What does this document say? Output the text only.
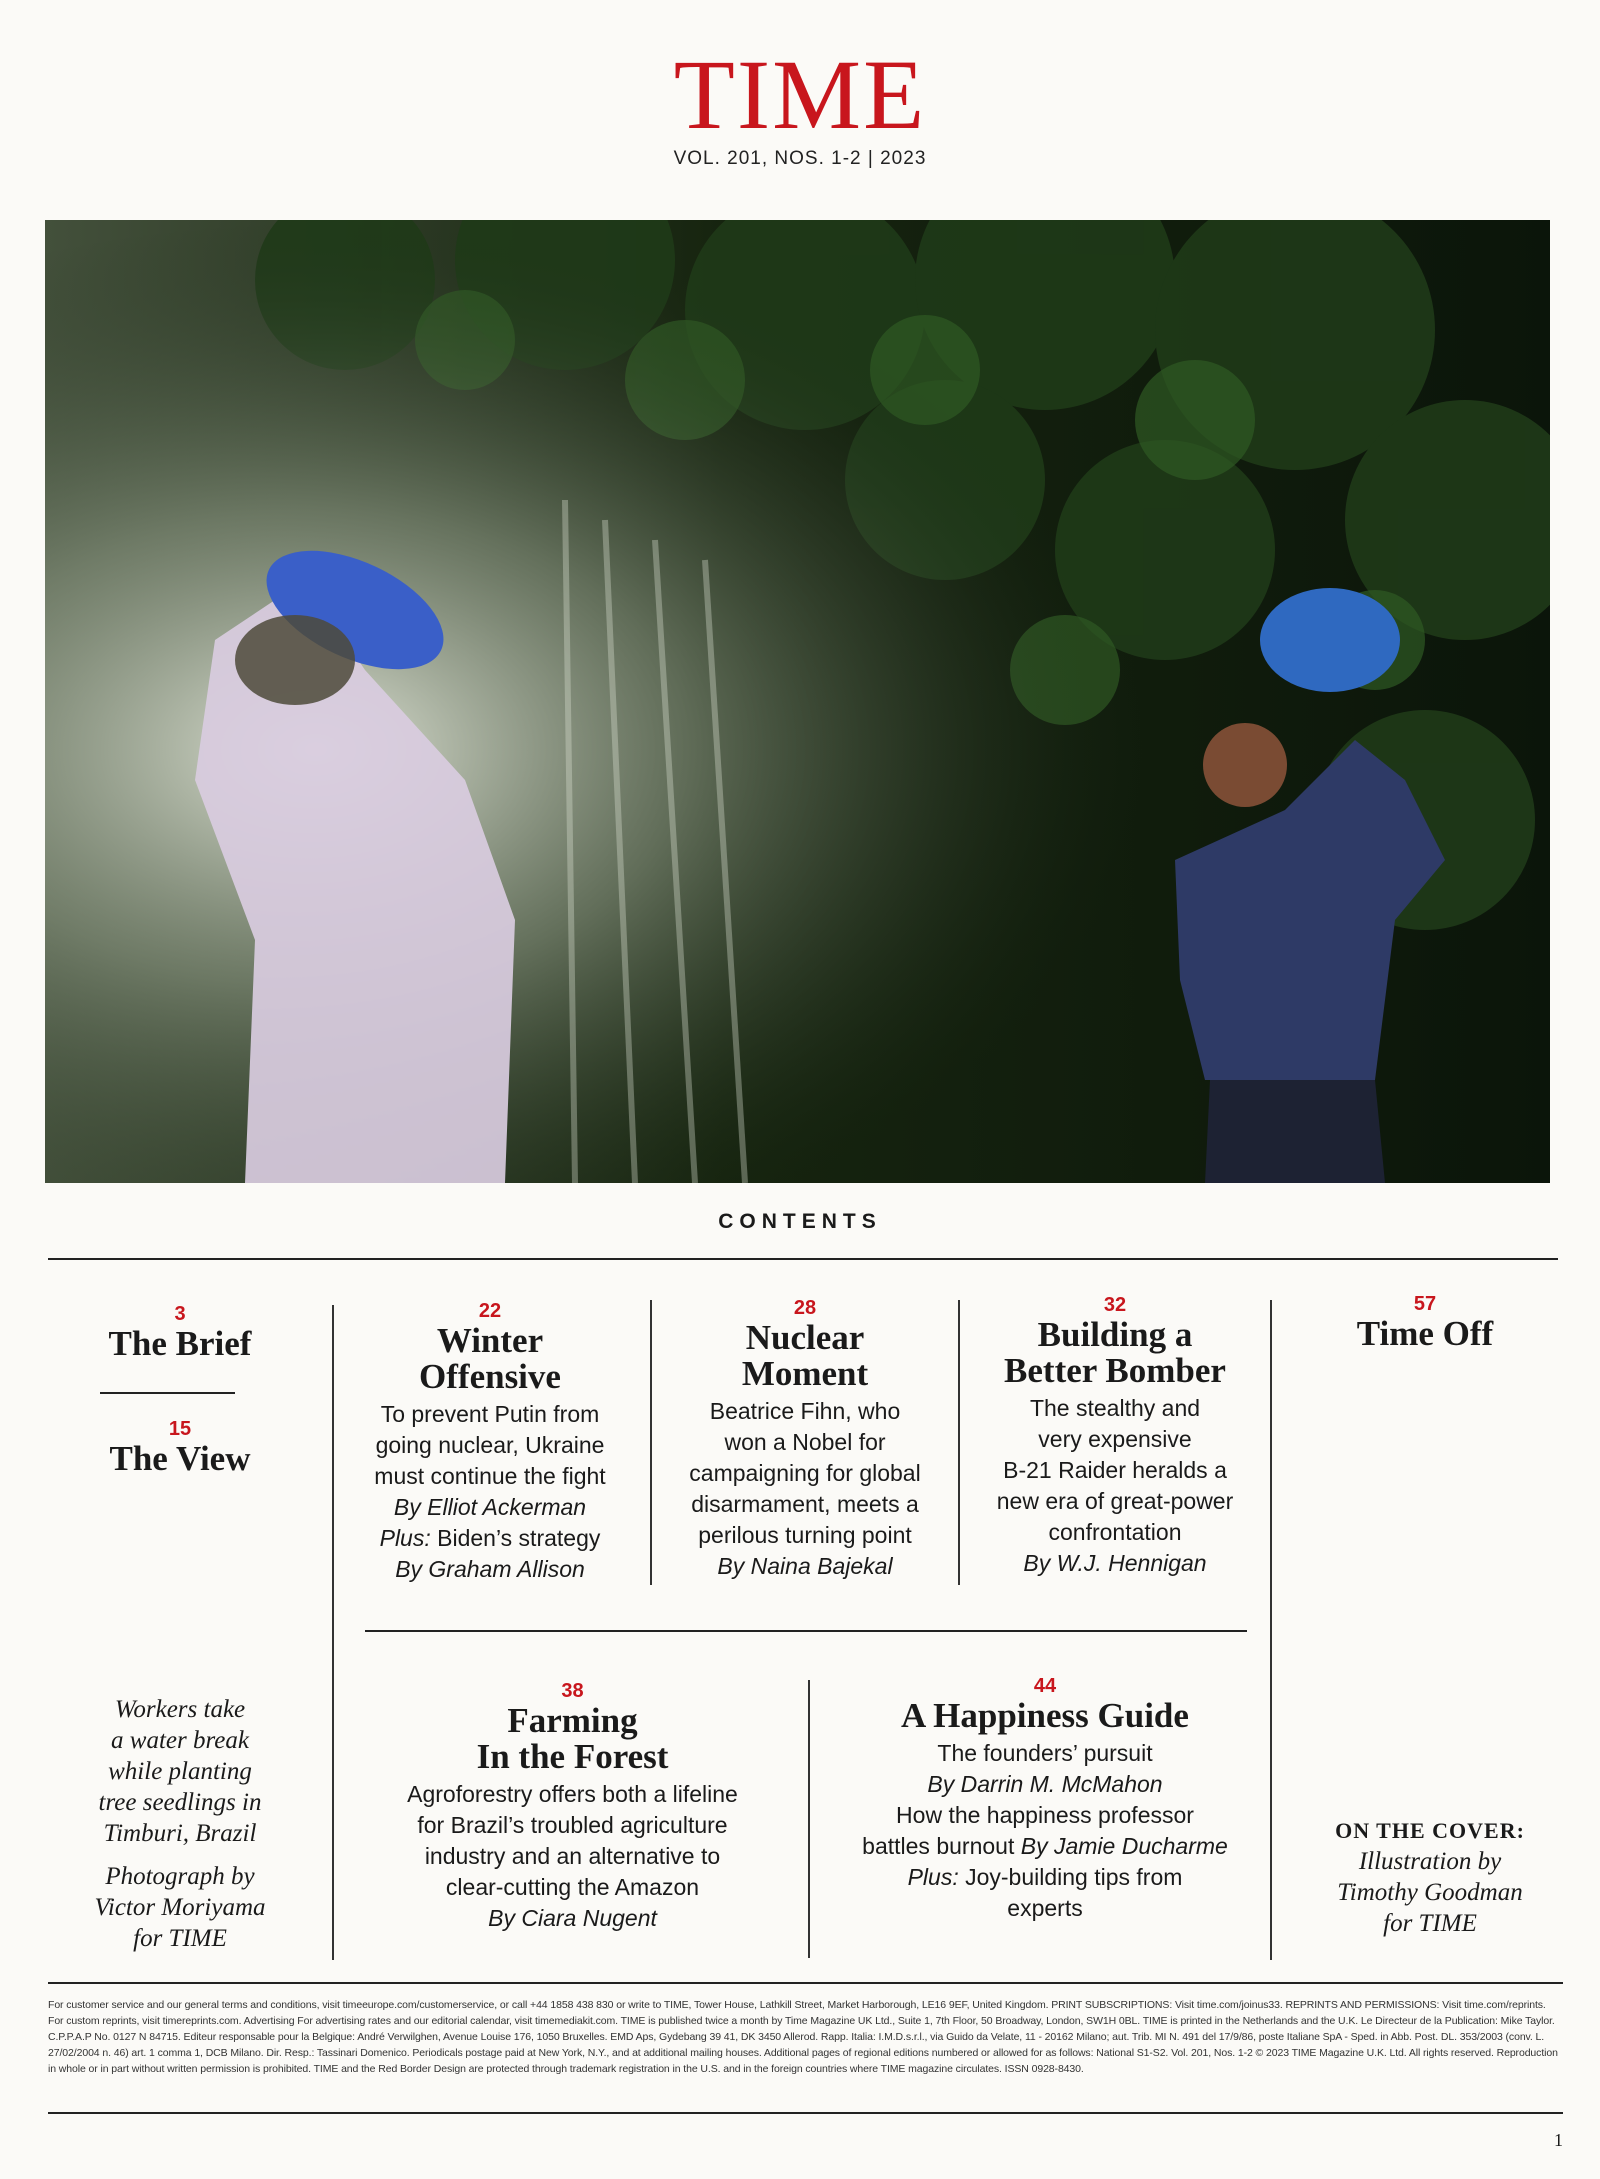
TIME
VOL. 201, NOS. 1-2 | 2023
CONTENTS
3
The Brief
15
The View
22
Winter
Offensive
To prevent Putin from
going nuclear, Ukraine
must continue the fight
By Elliot Ackerman
Plus: Biden’s strategy
By Graham Allison
28
Nuclear
Moment
Beatrice Fihn, who
won a Nobel for
campaigning for global
disarmament, meets a
perilous turning point
By Naina Bajekal
32
Building a
Better Bomber
The stealthy and
very expensive
B-21 Raider heralds a
new era of great-power
confrontation
By W.J. Hennigan
57
Time Off
38
Farming
In the Forest
Agroforestry offers both a lifeline
for Brazil’s troubled agriculture
industry and an alternative to
clear-cutting the Amazon
By Ciara Nugent
44
A Happiness Guide
The founders’ pursuit
By Darrin M. McMahon
How the happiness professor
battles burnout By Jamie Ducharme
Plus: Joy-building tips from
experts
Workers take
a water break
while planting
tree seedlings in
Timburi, Brazil
Photograph by
Victor Moriyama
for TIME
ON THE COVER:
Illustration by
Timothy Goodman
for TIME
For customer service and our general terms and conditions, visit timeeurope.com/customerservice, or call +44 1858 438 830 or write to TIME, Tower House, Lathkill Street, Market Harborough, LE16 9EF, United Kingdom. PRINT SUBSCRIPTIONS: Visit time.com/joinus33. REPRINTS AND PERMISSIONS: Visit time.com/reprints.
For custom reprints, visit timereprints.com. Advertising For advertising rates and our editorial calendar, visit timemediakit.com. TIME is published twice a month by Time Magazine UK Ltd., Suite 1, 7th Floor, 50 Broadway, London, SW1H 0BL. TIME is printed in the Netherlands and the U.K. Le Directeur de la Publication: Mike Taylor.
C.P.P.A.P No. 0127 N 84715. Editeur responsable pour la Belgique: André Verwilghen, Avenue Louise 176, 1050 Bruxelles. EMD Aps, Gydebang 39 41, DK 3450 Allerod. Rapp. Italia: I.M.D.s.r.l., via Guido da Velate, 11 - 20162 Milano; aut. Trib. MI N. 491 del 17/9/86, poste Italiane SpA - Sped. in Abb. Post. DL. 353/2003 (conv. L.
27/02/2004 n. 46) art. 1 comma 1, DCB Milano. Dir. Resp.: Tassinari Domenico. Periodicals postage paid at New York, N.Y., and at additional mailing houses. Additional pages of regional editions numbered or allowed for as follows: National S1-S2. Vol. 201, Nos. 1-2 © 2023 TIME Magazine U.K. Ltd. All rights reserved. Reproduction
in whole or in part without written permission is prohibited. TIME and the Red Border Design are protected through trademark registration in the U.S. and in the foreign countries where TIME magazine circulates. ISSN 0928-8430.
1
